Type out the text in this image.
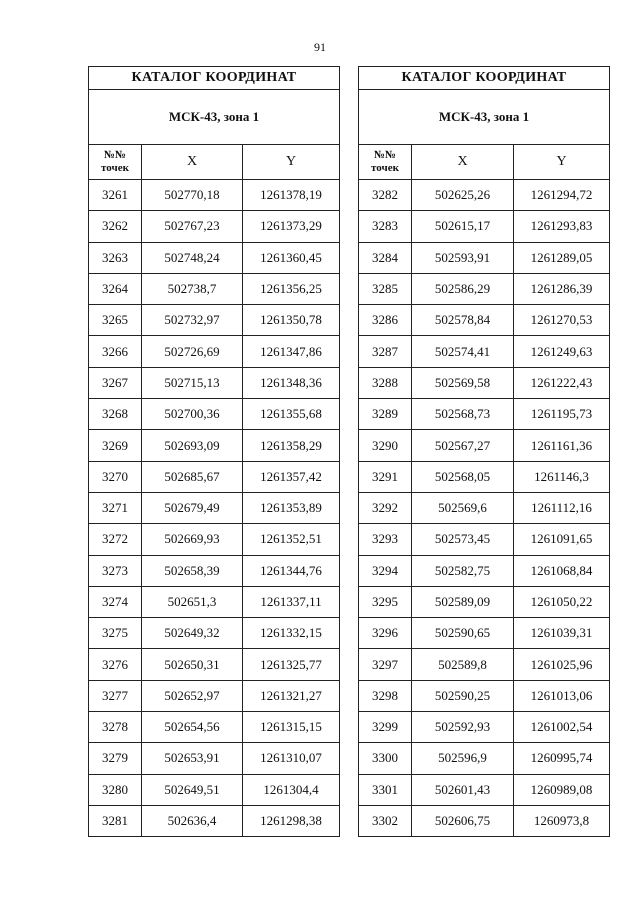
91
КАТАЛОГ КООРДИНАТ		
МСК-43, зона 1		

№№
точек	X	Y
3261	502770,18	1261378,19
3262	502767,23	1261373,29
3263	502748,24	1261360,45
3264	502738,7	1261356,25
3265	502732,97	1261350,78
3266	502726,69	1261347,86
3267	502715,13	1261348,36
3268	502700,36	1261355,68
3269	502693,09	1261358,29
3270	502685,67	1261357,42
3271	502679,49	1261353,89
3272	502669,93	1261352,51
3273	502658,39	1261344,76
3274	502651,3	1261337,11
3275	502649,32	1261332,15
3276	502650,31	1261325,77
3277	502652,97	1261321,27
3278	502654,56	1261315,15
3279	502653,91	1261310,07
3280	502649,51	1261304,4
3281	502636,4	1261298,38
КАТАЛОГ КООРДИНАТ		
МСК-43, зона 1		

№№
точек	X	Y
3282	502625,26	1261294,72
3283	502615,17	1261293,83
3284	502593,91	1261289,05
3285	502586,29	1261286,39
3286	502578,84	1261270,53
3287	502574,41	1261249,63
3288	502569,58	1261222,43
3289	502568,73	1261195,73
3290	502567,27	1261161,36
3291	502568,05	1261146,3
3292	502569,6	1261112,16
3293	502573,45	1261091,65
3294	502582,75	1261068,84
3295	502589,09	1261050,22
3296	502590,65	1261039,31
3297	502589,8	1261025,96
3298	502590,25	1261013,06
3299	502592,93	1261002,54
3300	502596,9	1260995,74
3301	502601,43	1260989,08
3302	502606,75	1260973,8
